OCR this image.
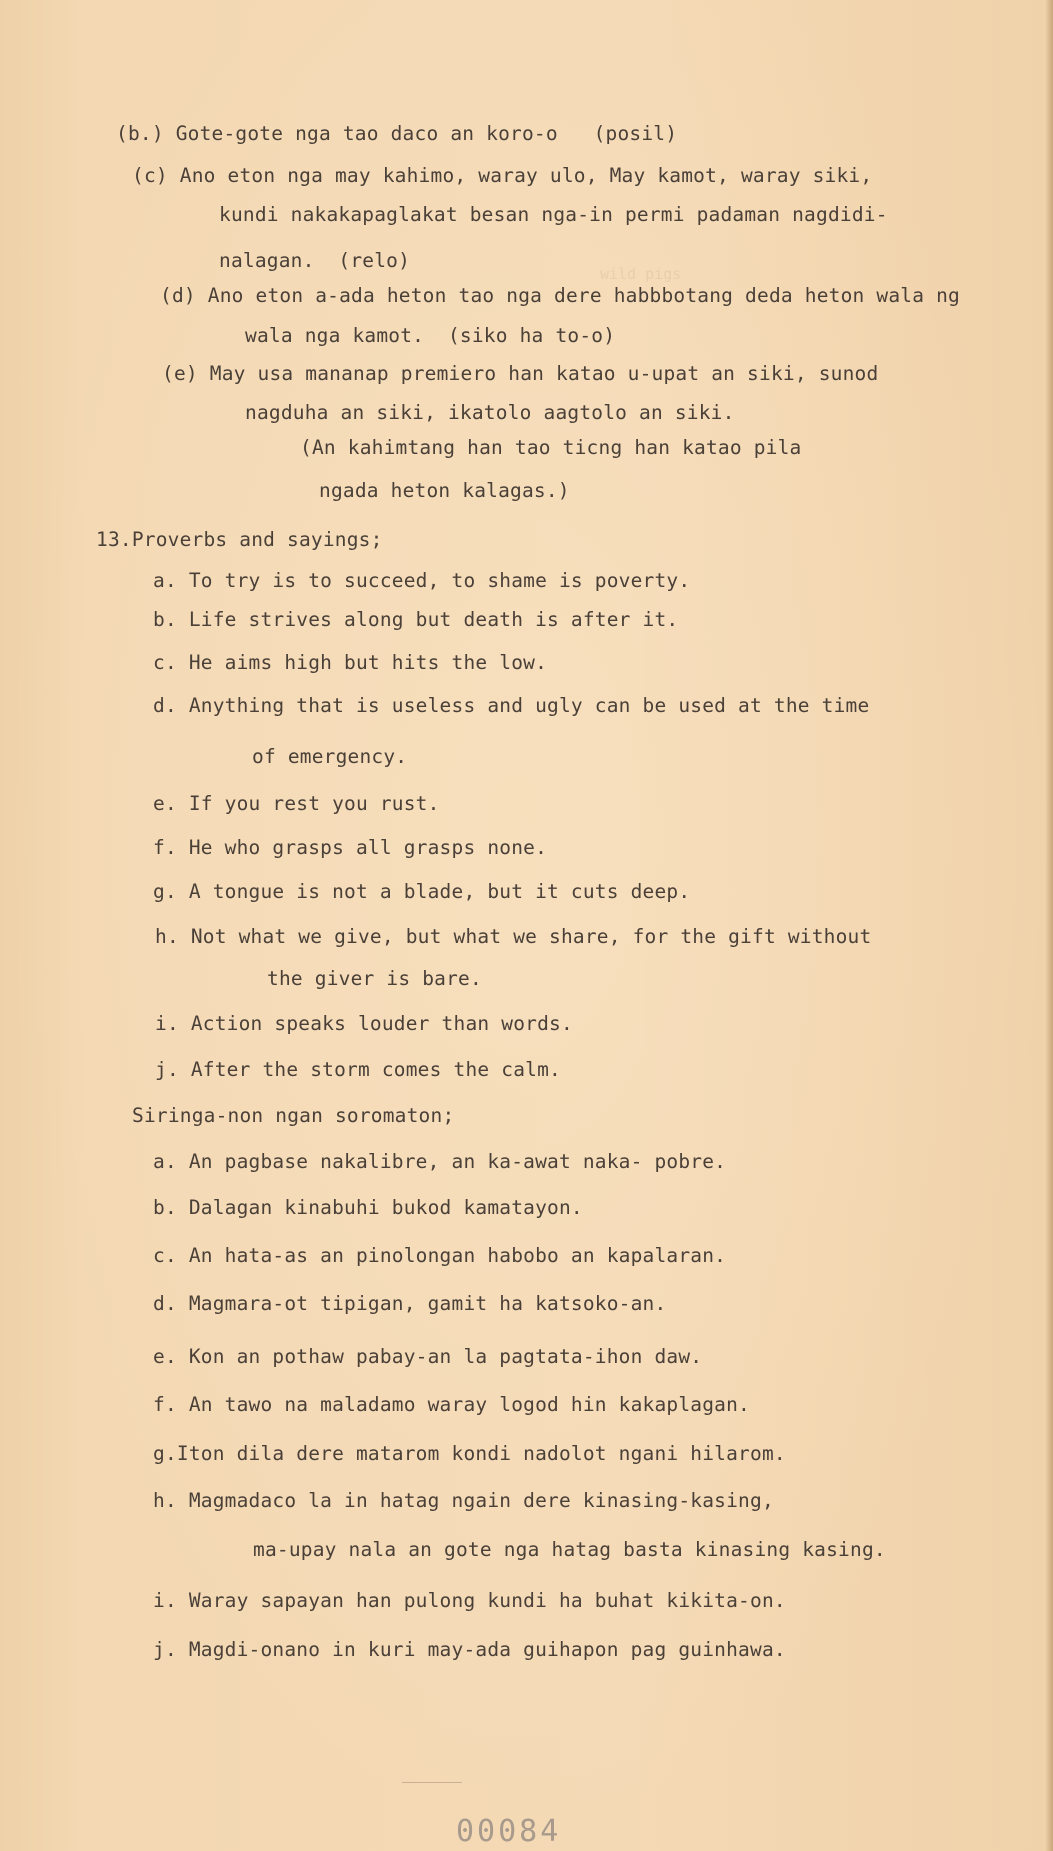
wild pigs
(b.) Gote-gote nga tao daco an koro-o   (posil)
(c) Ano eton nga may kahimo, waray ulo, May kamot, waray siki,
kundi nakakapaglakat besan nga-in permi padaman nagdidi-
nalagan.  (relo)
(d) Ano eton a-ada heton tao nga dere habbbotang deda heton wala ng
wala nga kamot.  (siko ha to-o)
(e) May usa mananap premiero han katao u-upat an siki, sunod
nagduha an siki, ikatolo aagtolo an siki.
(An kahimtang han tao ticng han katao pila
ngada heton kalagas.)
13.Proverbs and sayings;
a. To try is to succeed, to shame is poverty.
b. Life strives along but death is after it.
c. He aims high but hits the low.
d. Anything that is useless and ugly can be used at the time
of emergency.
e. If you rest you rust.
f. He who grasps all grasps none.
g. A tongue is not a blade, but it cuts deep.
h. Not what we give, but what we share, for the gift without
the giver is bare.
i. Action speaks louder than words.
j. After the storm comes the calm.
Siringa-non ngan soromaton;
a. An pagbase nakalibre, an ka-awat naka- pobre.
b. Dalagan kinabuhi bukod kamatayon.
c. An hata-as an pinolongan habobo an kapalaran.
d. Magmara-ot tipigan, gamit ha katsoko-an.
e. Kon an pothaw pabay-an la pagtata-ihon daw.
f. An tawo na maladamo waray logod hin kakaplagan.
g.Iton dila dere matarom kondi nadolot ngani hilarom.
h. Magmadaco la in hatag ngain dere kinasing-kasing,
ma-upay nala an gote nga hatag basta kinasing kasing.
i. Waray sapayan han pulong kundi ha buhat kikita-on.
j. Magdi-onano in kuri may-ada guihapon pag guinhawa.
00084
